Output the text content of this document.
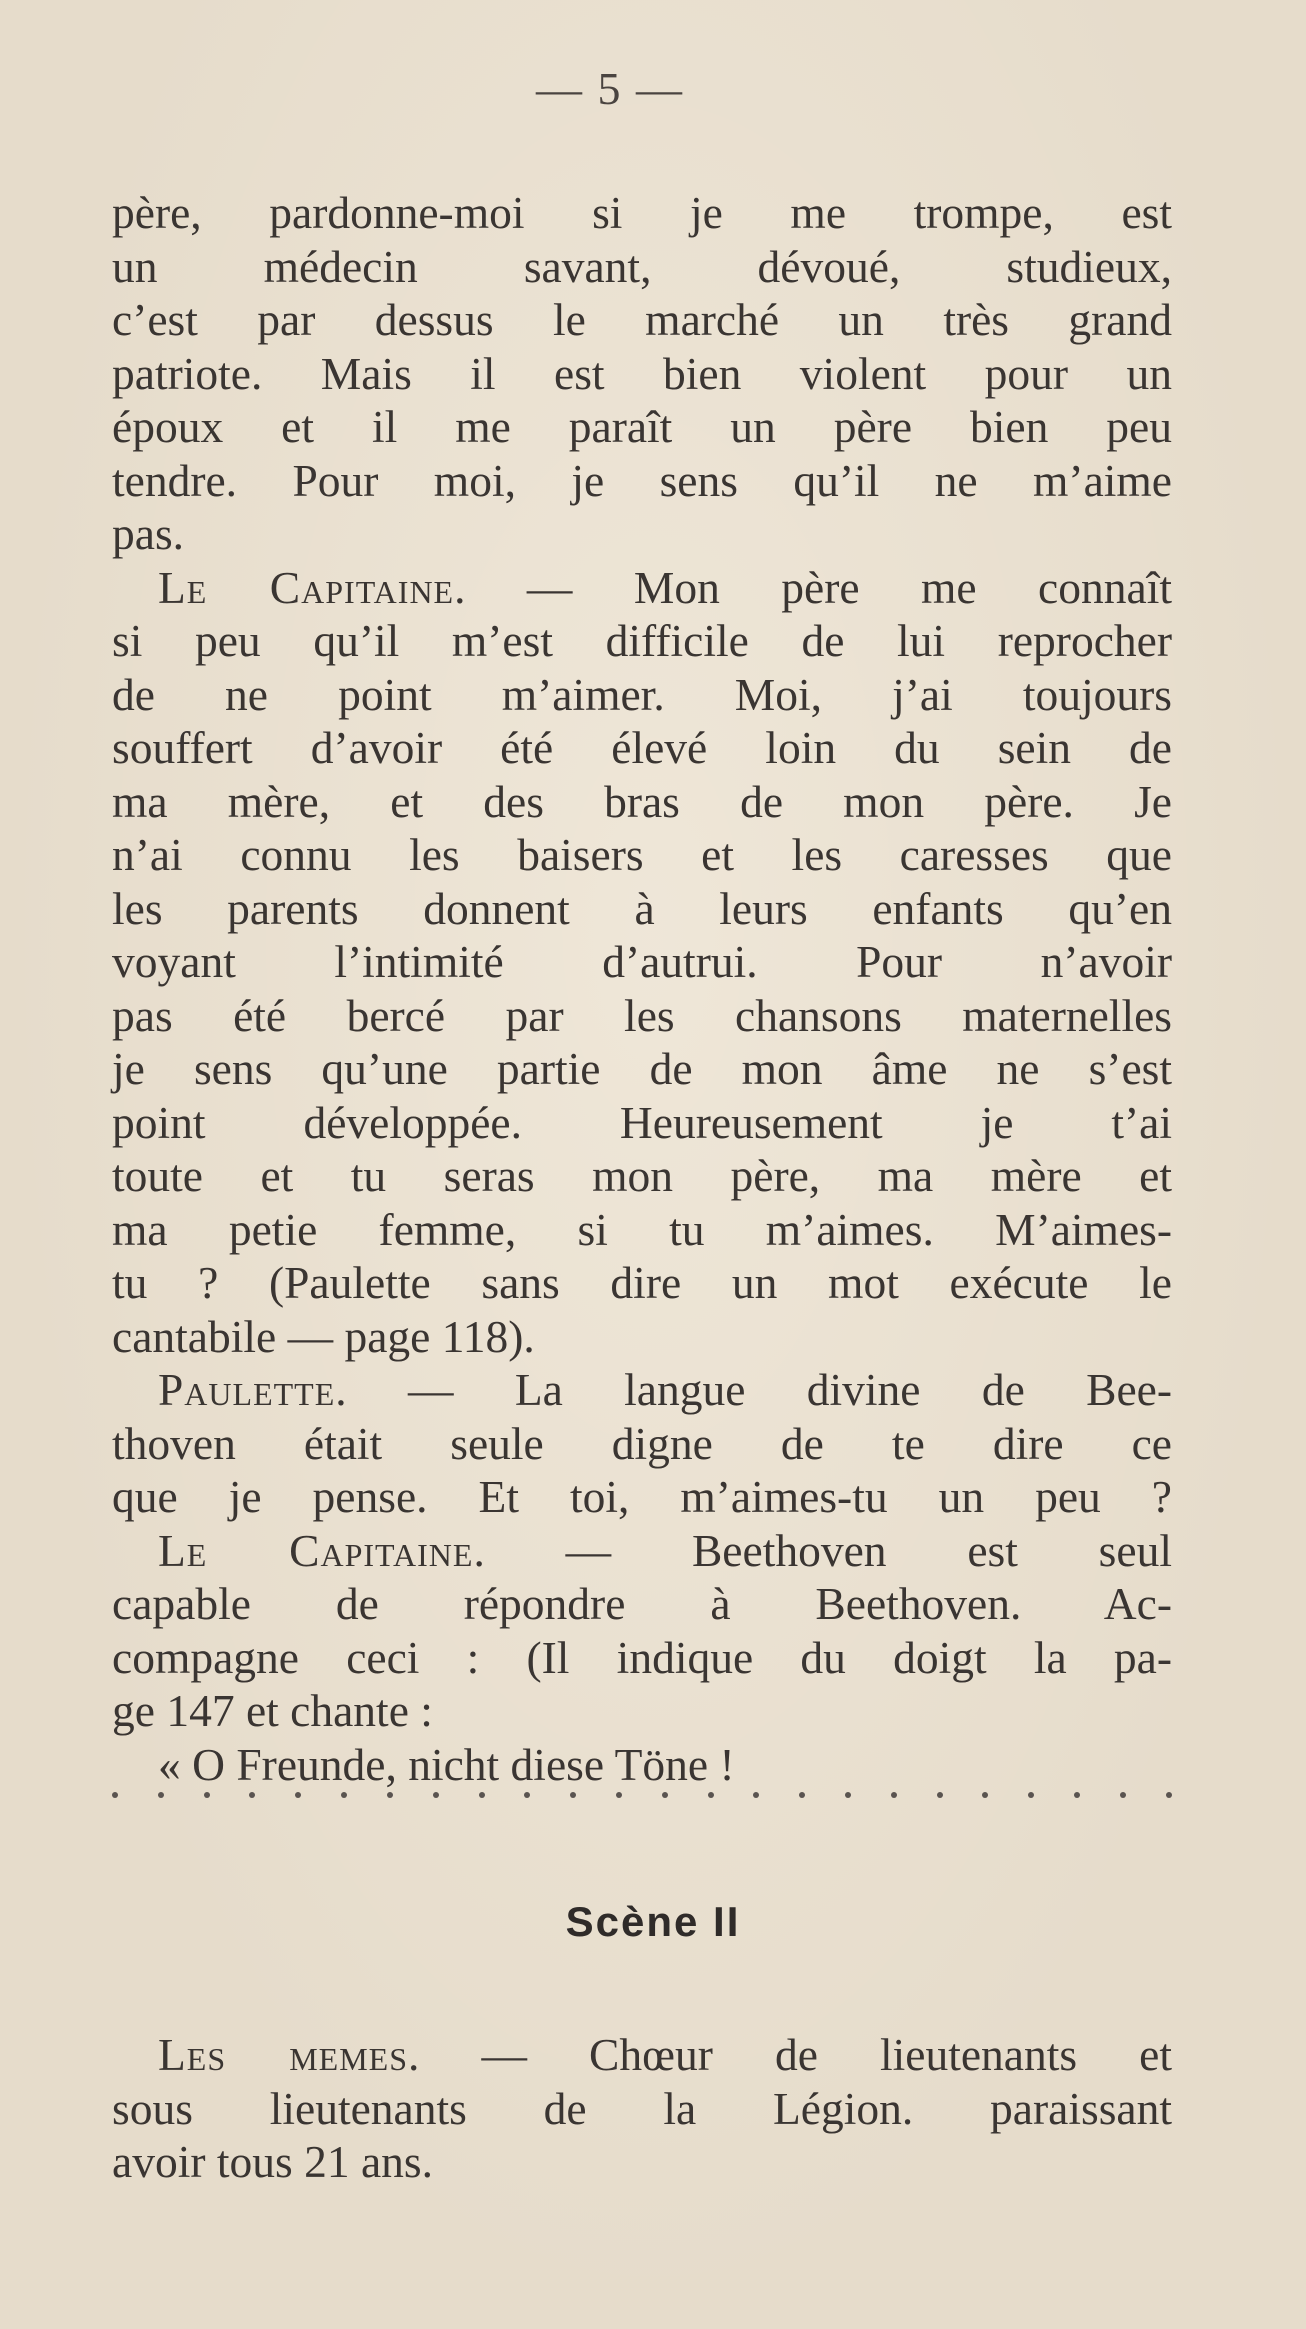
— 5 —
père, pardonne-moi si je me trompe, est
un médecin savant, dévoué, studieux,
c’est par dessus le marché un très grand
patriote. Mais il est bien violent pour un
époux et il me paraît un père bien peu
tendre. Pour moi, je sens qu’il ne m’aime
pas.
Le Capitaine. — Mon père me connaît
si peu qu’il m’est difficile de lui reprocher
de ne point m’aimer. Moi, j’ai toujours
souffert d’avoir été élevé loin du sein de
ma mère, et des bras de mon père. Je
n’ai connu les baisers et les caresses que
les parents donnent à leurs enfants qu’en
voyant l’intimité d’autrui. Pour n’avoir
pas été bercé par les chansons maternelles
je sens qu’une partie de mon âme ne s’est
point développée. Heureusement je t’ai
toute et tu seras mon père, ma mère et
ma petie femme, si tu m’aimes. M’aimes-
tu ? (Paulette sans dire un mot exécute le
cantabile — page 118).
Paulette. — La langue divine de Bee-
thoven était seule digne de te dire ce
que je pense. Et toi, m’aimes-tu un peu ?
Le Capitaine. — Beethoven est seul
capable de répondre à Beethoven. Ac-
compagne ceci : (Il indique du doigt la pa-
ge 147 et chante :
« O Freunde, nicht diese Töne !
Scène II
Les memes. — Chœur de lieutenants et
sous lieutenants de la Légion. paraissant
avoir tous 21 ans.
